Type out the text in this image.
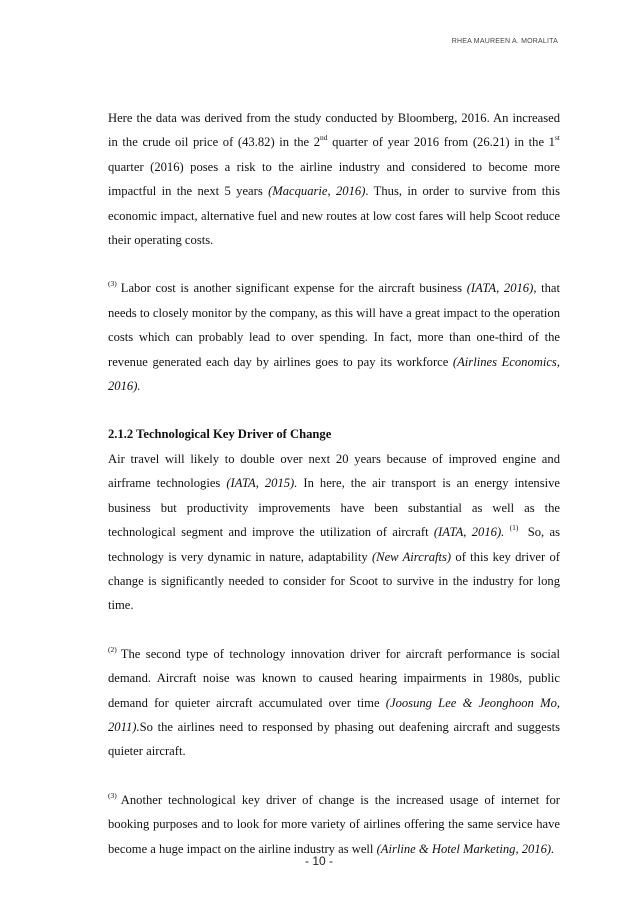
RHEA MAUREEN A. MORALITA

Here the data was derived from the study conducted by Bloomberg, 2016. An increased in the crude oil price of (43.82) in the 2nd quarter of year 2016 from (26.21) in the 1st quarter (2016) poses a risk to the airline industry and considered to become more impactful in the next 5 years (Macquarie, 2016). Thus, in order to survive from this economic impact, alternative fuel and new routes at low cost fares will help Scoot reduce their operating costs.

$^{(3)}$ Labor cost is another significant expense for the aircraft business (IATA, 2016), that needs to closely monitor by the company, as this will have a great impact to the operation costs which can probably lead to over spending. In fact, more than one-third of the revenue generated each day by airlines goes to pay its workforce (Airlines Economics, 2016).

2.1.2 Technological Key Driver of Change

Air travel will likely to double over next 20 years because of improved engine and airframe technologies (IATA, 2015). In here, the air transport is an energy intensive business but productivity improvements have been substantial as well as the technological segment and improve the utilization of aircraft (IATA, 2016). $^{(1)}$ So, as technology is very dynamic in nature, adaptability (New Aircrafts) of this key driver of change is significantly needed to consider for Scoot to survive in the industry for long time.

$^{(2)}$ The second type of technology innovation driver for aircraft performance is social demand. Aircraft noise was known to caused hearing impairments in 1980s, public demand for quieter aircraft accumulated over time (Joosung Lee & Jeonghoon Mo, 2011).So the airlines need to responsed by phasing out deafening aircraft and suggests quieter aircraft.

$^{(3)}$ Another technological key driver of change is the increased usage of internet for booking purposes and to look for more variety of airlines offering the same service have become a huge impact on the airline industry as well (Airline & Hotel Marketing, 2016).

- 10 -
